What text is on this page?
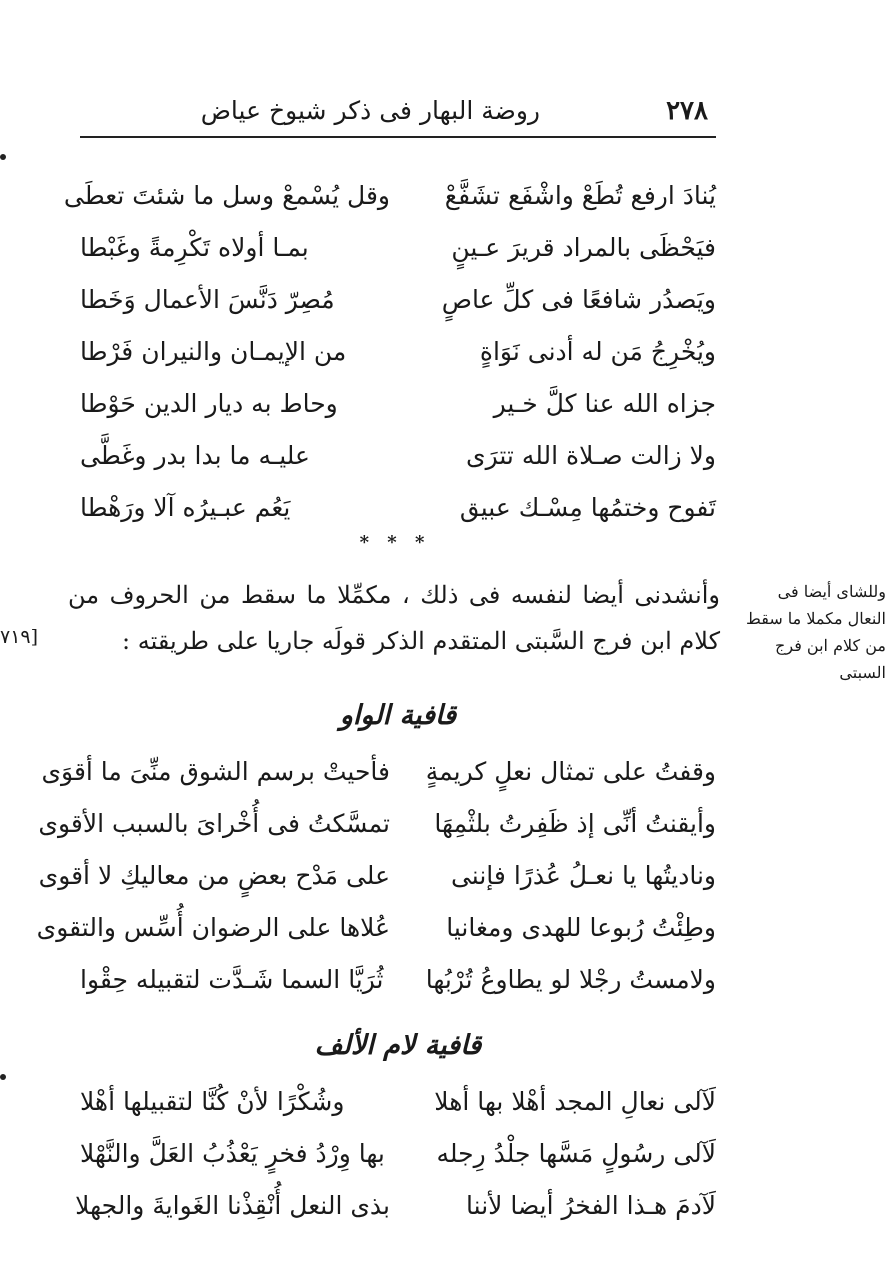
٢٧٨
روضة البهار فى ذكر شيوخ عياض
يُنادَ ارفع تُطَعْ واشْفَع تشَفَّعْ
وقل يُسْمعْ وسل ما شئتَ تعطَى
فيَحْظَى بالمراد قريرَ عـينٍ
بمـا أولاه تَكْرِمةً وغَبْطا
ويَصدُر شافعًا فى كلِّ عاصٍ
مُصِرّ دَنَّسَ الأعمال وَخَطا
ويُخْرِجُ مَن له أدنى نَوَاةٍ
من الإيمـان والنيران فَرْطا
جزاه الله عنا كلَّ خـير
وحاط به ديار الدين حَوْطا
ولا زالت صـلاة الله تترَى
عليـه ما بدا بدر وغَطَّى
تَفوح وختمُها مِسْـك عبيق
يَعُم عبـيرُه آلا ورَهْطا
* * *
وأنشدنى أيضا لنفسه فى ذلك ، مكمِّلا ما سقط من الحروف من كلام ابن فرج السَّبتى المتقدم الذكر قولَه جاريا على طريقته :
وللشاى أيضا فى النعال مكملا ما سقط من كلام ابن فرج السبتى
[٧١٩
قافية الواو
وقفتُ على تمثال نعلٍ كريمةٍ
فأحيتْ برسم الشوق منِّىَ ما أقوَى
وأيقنتُ أنِّى إذ ظَفِرتُ بلثْمِهَا
تمسَّكتُ فى أُخْراىَ بالسبب الأقوى
وناديتُها يا نعـلُ عُذرًا فإننى
على مَدْح بعضٍ من معاليكِ لا أقوى
وطِئْتُ رُبوعا للهدى ومغانيا
عُلاها على الرضوان أُسِّس والتقوى
ولامستُ رجْلا لو يطاوعُ تُرْبُها
ثُرَيَّا السما شَـدَّت لتقبيله حِقْوا
قافية لام الألف
لَآلى نعالِ المجد أهْلا بها أهلا
وشُكْرًا لأنْ كُنَّا لتقبيلها أهْلا
لَآلى رسُولٍ مَسَّها جلْدُ رِجله
بها وِرْدُ فخرٍ يَعْذُبُ العَلَّ والنَّهْلا
لَآدمَ هـذا الفخرُ أيضا لأننا
بذى النعل أُنْقِذْنا الغَوايةَ والجهلا
